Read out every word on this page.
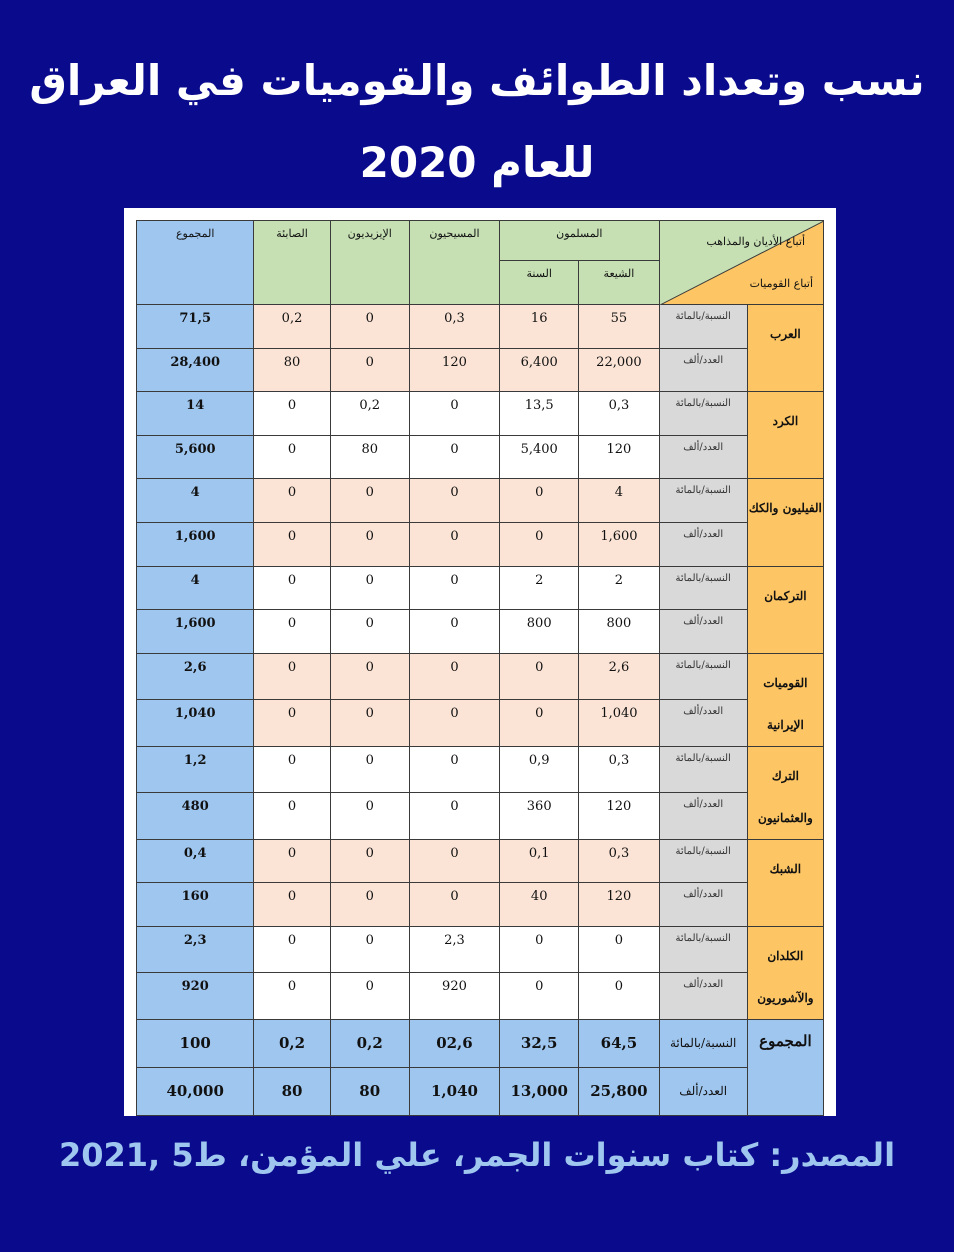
نسب وتعداد الطوائف والقوميات في العراق
للعام 2020
أتباع الأديان والمذاهب
أتباع القوميات		المسلمون		المسيحيون	الإيزيديون	الصابئة	المجموع

		الشيعة	السنة				

العرب	النسبة/بالمائة	55	16	0,3	0	0,2	71,5

	العدد/ألف	22,000	6,400	120	0	80	28,400

الكرد	النسبة/بالمائة	0,3	13,5	0	0,2	0	14

	العدد/ألف	120	5,400	0	80	0	5,600

الفيليون والكك	النسبة/بالمائة	4	0	0	0	0	4

	العدد/ألف	1,600	0	0	0	0	1,600

التركمان	النسبة/بالمائة	2	2	0	0	0	4

	العدد/ألف	800	800	0	0	0	1,600

القوميات الإيرانية	النسبة/بالمائة	2,6	0	0	0	0	2,6

	العدد/ألف	1,040	0	0	0	0	1,040

الترك والعثمانيون	النسبة/بالمائة	0,3	0,9	0	0	0	1,2

	العدد/ألف	120	360	0	0	0	480

الشبك	النسبة/بالمائة	0,3	0,1	0	0	0	0,4

	العدد/ألف	120	40	0	0	0	160

الكلدان والآشوريون	النسبة/بالمائة	0	0	2,3	0	0	2,3

	العدد/ألف	0	0	920	0	0	920

المجموع	النسبة/بالمائة	64,5	32,5	02,6	0,2	0,2	100

	العدد/ألف	25,800	13,000	1,040	80	80	40,000
المصدر: كتاب سنوات الجمر، علي المؤمن، ط5 ,2021
